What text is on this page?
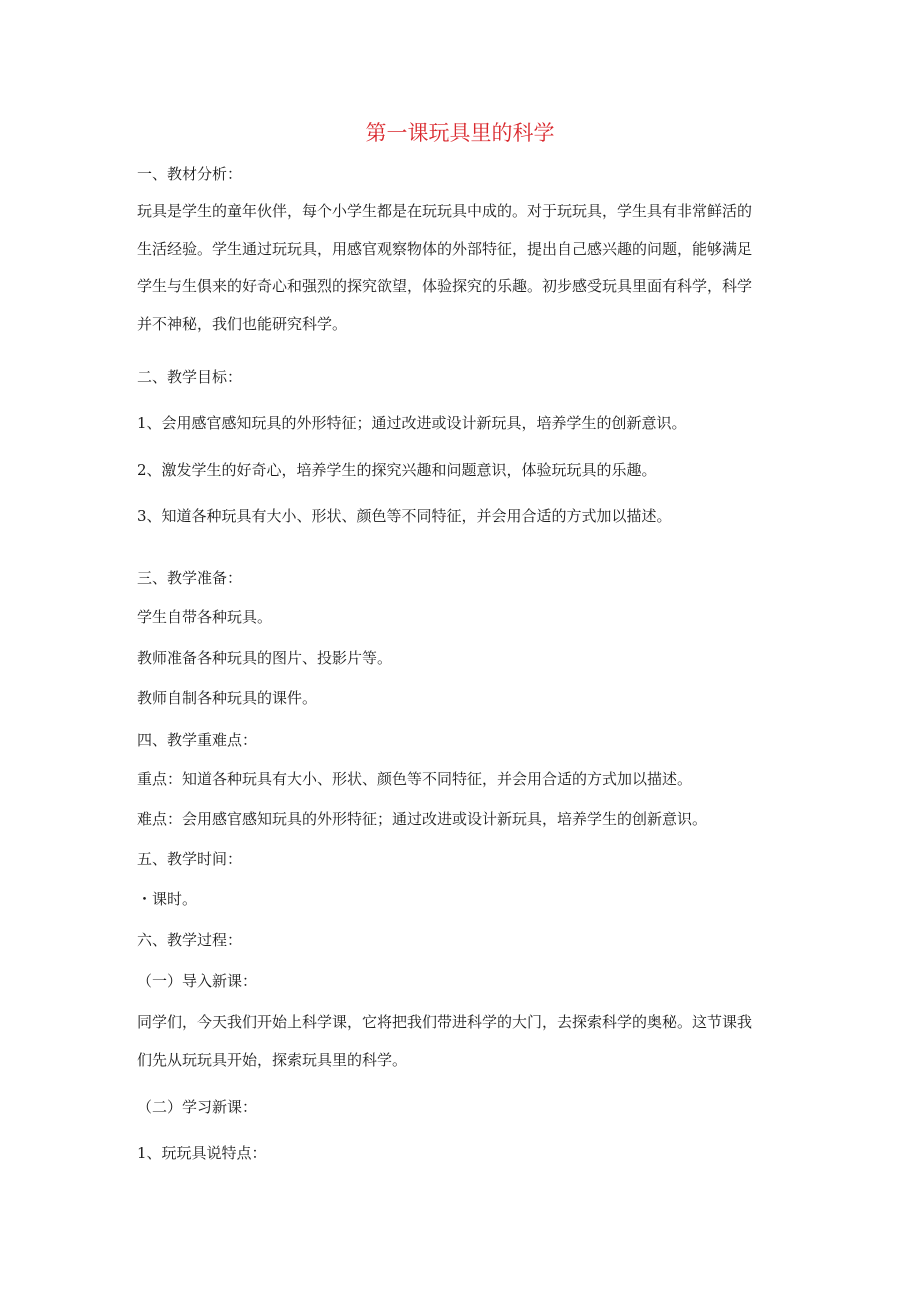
第一课玩具里的科学
一、教材分析：
玩具是学生的童年伙伴，每个小学生都是在玩玩具中成的。对于玩玩具，学生具有非常鲜活的
生活经验。学生通过玩玩具，用感官观察物体的外部特征，提出自己感兴趣的问题，能够满足
学生与生俱来的好奇心和强烈的探究欲望，体验探究的乐趣。初步感受玩具里面有科学，科学
并不神秘，我们也能研究科学。
二、教学目标：
1、会用感官感知玩具的外形特征；通过改进或设计新玩具，培养学生的创新意识。
2、激发学生的好奇心，培养学生的探究兴趣和问题意识，体验玩玩具的乐趣。
3、知道各种玩具有大小、形状、颜色等不同特征，并会用合适的方式加以描述。
三、教学准备：
学生自带各种玩具。
教师准备各种玩具的图片、投影片等。
教师自制各种玩具的课件。
四、教学重难点：
重点：知道各种玩具有大小、形状、颜色等不同特征，并会用合适的方式加以描述。
难点：会用感官感知玩具的外形特征；通过改进或设计新玩具，培养学生的创新意识。
五、教学时间：
・课时。
六、教学过程：
（一）导入新课：
同学们，今天我们开始上科学课，它将把我们带进科学的大门，去探索科学的奥秘。这节课我
们先从玩玩具开始，探索玩具里的科学。
（二）学习新课：
1、玩玩具说特点：
